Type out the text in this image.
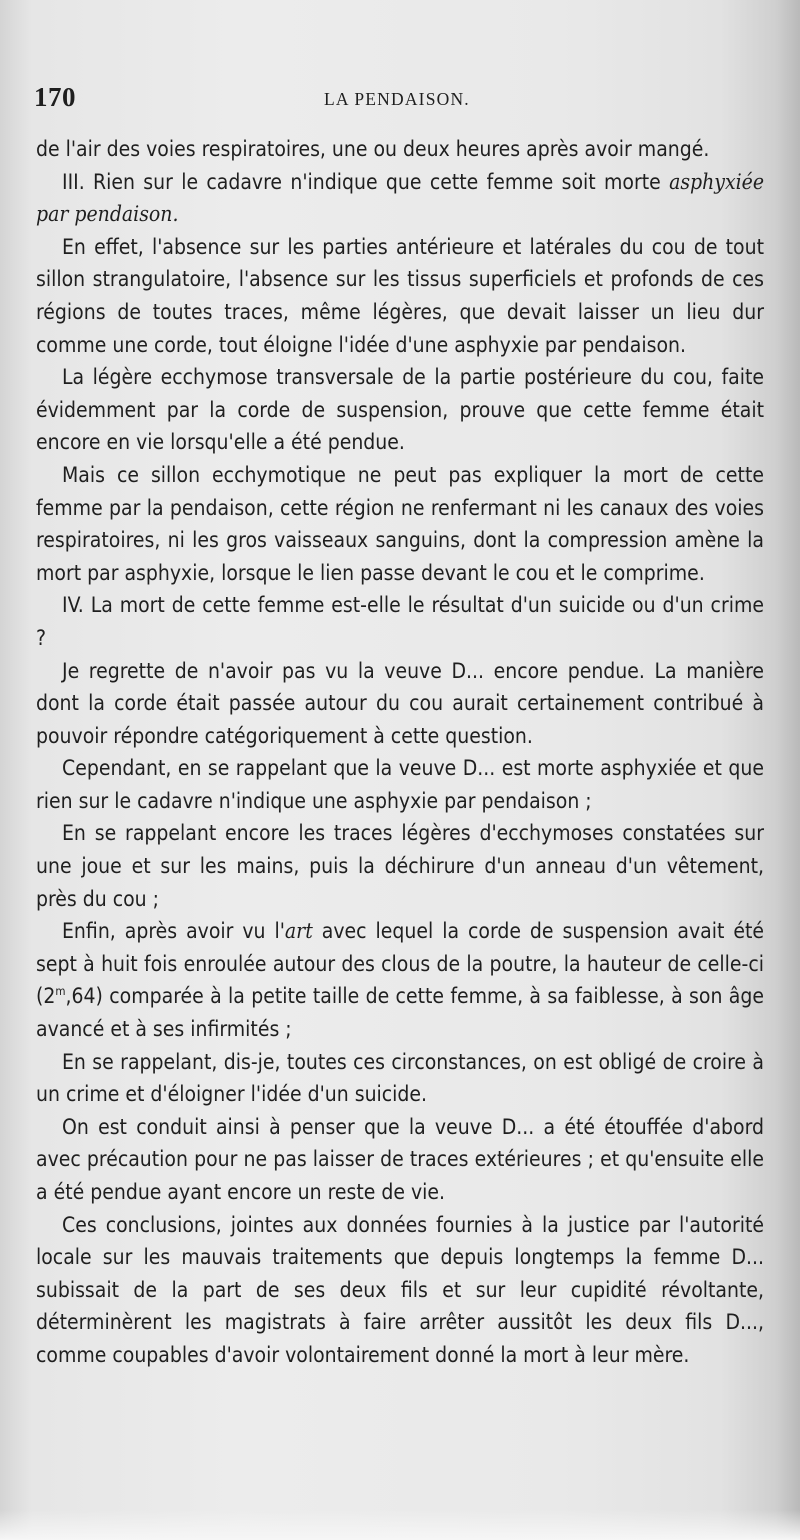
170	LA PENDAISON.

de l'air des voies respiratoires, une ou deux heures après avoir mangé.

III. Rien sur le cadavre n'indique que cette femme soit morte asphyxiée par pendaison.

En effet, l'absence sur les parties antérieure et latérales du cou de tout sillon strangulatoire, l'absence sur les tissus superficiels et profonds de ces régions de toutes traces, même légères, que devait laisser un lieu dur comme une corde, tout éloigne l'idée d'une asphyxie par pendaison.

La légère ecchymose transversale de la partie postérieure du cou, faite évidemment par la corde de suspension, prouve que cette femme était encore en vie lorsqu'elle a été pendue.

Mais ce sillon ecchymotique ne peut pas expliquer la mort de cette femme par la pendaison, cette région ne renfermant ni les canaux des voies respiratoires, ni les gros vaisseaux sanguins, dont la compression amène la mort par asphyxie, lorsque le lien passe devant le cou et le comprime.

IV. La mort de cette femme est-elle le résultat d'un suicide ou d'un crime ?

Je regrette de n'avoir pas vu la veuve D... encore pendue. La manière dont la corde était passée autour du cou aurait certainement contribué à pouvoir répondre catégoriquement à cette question.

Cependant, en se rappelant que la veuve D... est morte asphyxiée et que rien sur le cadavre n'indique une asphyxie par pendaison ;

En se rappelant encore les traces légères d'ecchymoses constatées sur une joue et sur les mains, puis la déchirure d'un anneau d'un vêtement, près du cou ;

Enfin, après avoir vu l'art avec lequel la corde de suspension avait été sept à huit fois enroulée autour des clous de la poutre, la hauteur de celle-ci (2$^m$,64) comparée à la petite taille de cette femme, à sa faiblesse, à son âge avancé et à ses infirmités ;

En se rappelant, dis-je, toutes ces circonstances, on est obligé de croire à un crime et d'éloigner l'idée d'un suicide.

On est conduit ainsi à penser que la veuve D... a été étouffée d'abord avec précaution pour ne pas laisser de traces extérieures ; et qu'ensuite elle a été pendue ayant encore un reste de vie.

Ces conclusions, jointes aux données fournies à la justice par l'autorité locale sur les mauvais traitements que depuis longtemps la femme D... subissait de la part de ses deux fils et sur leur cupidité révoltante, déterminèrent les magistrats à faire arrêter aussitôt les deux fils D..., comme coupables d'avoir volontairement donné la mort à leur mère.
